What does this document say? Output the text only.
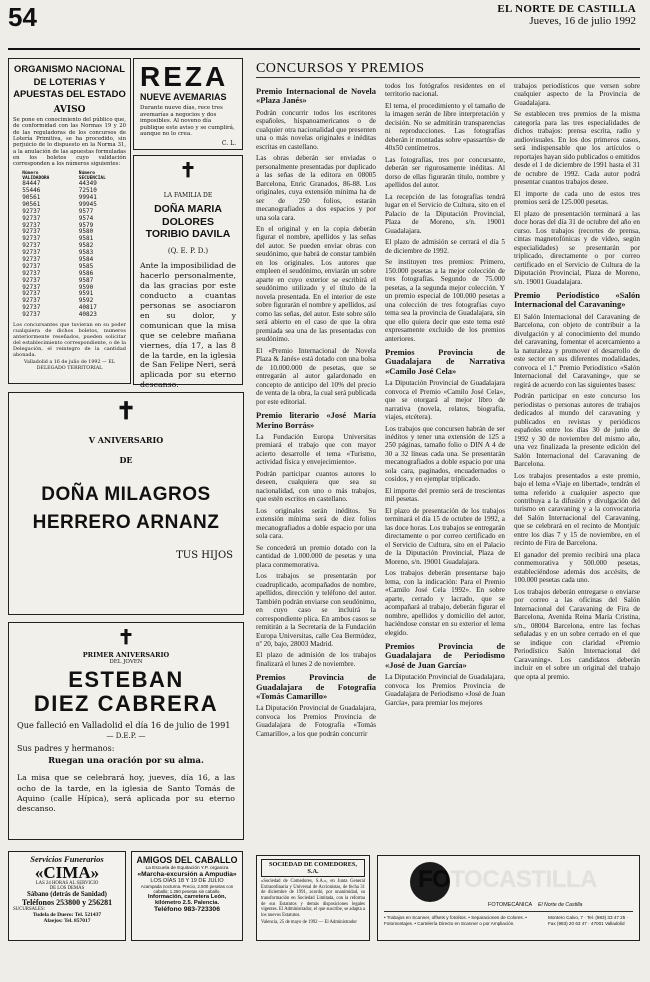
54	EL NORTE DE CASTILLA
Jueves, 16 de julio 1992
ORGANISMO NACIONAL
DE LOTERIAS Y
APUESTAS DEL ESTADO
AVISO
Se pone en conocimiento del público que, de conformidad con las Normas 19 y 20 de las reguladoras de los concursos de Lotería Primitiva, se ha procedido, sin perjuicio de lo dispuesto en la Norma 31, a la anulación de las apuestas formuladas en los boletos cuyo validación corresponden a los números siguientes:
Número VALIDADORA
84447
55446
90561
90561
92737
92737
92737
92737
92737
92737
92737
92737
92737
92737
92737
92737
92737
92737
92737
92737
Número SECUENCIAL
44349
72510
99941
99945
9577
9574
9579
9580
9581
9582
9583
9584
9585
9586
9587
9590
9591
9592
40817
40823
Los concursantes que tuvieran en su poder cualquiera de dichos boletos, numeros anteriormente reseñados, pueden solicitar del establecimiento correspondiente, o de la Delegación, el reintegro de la cantidad abonada.
Valladolid a 16 de julio de 1992 — EL DELEGADO TERRITORIAL
REZA
NUEVE AVEMARIAS
Durante nueve días, rece tres avemarías a negocios y dos imposibles. Al noveno día publique este aviso y se cumplirá, aunque no lo crea.
C. L.
✝
LA FAMILIA DE
DOÑA MARIA DOLORES
TORIBIO DAVILA
(Q. E. P. D.)
Ante la imposibilidad de hacerlo personalmente, da las gracias por este conducto a cuantas personas se asociaron en su dolor, y comunican que la misa que se celebre mañana viernes, día 17, a las 8 de la tarde, en la iglesia de San Felipe Neri, será aplicada por su eterno descanso.
✝
V ANIVERSARIO
DE
DOÑA MILAGROS
HERRERO ARNANZ
TUS HIJOS
✝
PRIMER ANIVERSARIO
DEL JOVEN
ESTEBAN
DIEZ CABRERA
Que falleció en Valladolid el día 16 de julio de 1991
— D.E.P. —
Sus padres y hermanos:
Ruegan una oración por su alma.
La misa que se celebrará hoy, jueves, día 16, a las ocho de la tarde, en la iglesia de Santo Tomás de Aquino (calle Hípica), será aplicada por su eterno descanso.
CONCURSOS Y PREMIOS
Premio Internacional de Novela «Plaza Janés»

Podrán concurrir todos los escritores españoles, hispanoamericanos o de cualquier otra nacionalidad que presenten una o más novelas originales e inéditas escritas en castellano.

Las obras deberán ser enviadas o personalmente presentadas por duplicado a las señas de la editora en 08005 Barcelona, Enric Granados, 86-88. Los originales, cuya extensión mínima ha de ser de 250 folios, estarán mecanografiados a dos espacios y por una sola cara.

En el original y en la copia deberán figurar el nombre, apellidos y las señas del autor. Se pueden enviar obras con seudónimo, que habrá de constar también en los originales. Los autores que empleen el seudónimo, enviarán un sobre aparte en cuyo exterior se escribirá el seudónimo utilizado y el título de la novela presentada. En el interior de este sobre figurarán el nombre y apellidos, así como las señas, del autor. Este sobre sólo será abierto en el caso de que la obra premiada sea una de las presentadas con seudónimo.

El «Premio Internacional de Novela Plaza & Janés» está dotado con una bolsa de 10.000.000 de pesetas, que se entregarán al autor galardonado en concepto de anticipo del 10% del precio de venta de la obra, la cual será publicada por este editorial.

Premio literario «José María Merino Borrás»

La Fundación Europa Universitas premiará el trabajo que con mayor acierto desarrolle el tema «Turismo, actividad física y envejecimiento».

Podrán participar cuantos autores lo deseen, cualquiera que sea su nacionalidad, con uno o más trabajos, que estén escritos en castellano.

Los originales serán inéditos. Su extensión mínima será de diez folios mecanografiados a doble espacio por una sola cara.

Se concederá un premio dotado con la cantidad de 1.000.000 de pesetas y una placa conmemorativa.

Los trabajos se presentarán por cuadruplicado, acompañados de nombre, apellidos, dirección y teléfono del autor. También podrán enviarse con seudónimo, en cuyo caso se incluirá la correspondiente plica. En ambos casos se remitirán a la Secretaría de la Fundación Europa Universitas, calle Cea Bermúdez, nº 20, bajo, 28003 Madrid.

El plazo de admisión de los trabajos finalizará el lunes 2 de noviembre.

Premios Provincia de Guadalajara de Fotografía «Tomás Camarillo»

La Diputación Provincial de Guadalajara, convoca los Premios Provincia de Guadalajara de Fotografía «Tomás Camarillo», a los que podrán concurrir

todos los fotógrafos residentes en el territorio nacional.

El tema, el procedimiento y el tamaño de la imagen serán de libre interpretación y decisión. No se admitirán transparencias ni reproducciones. Las fotografías deberán ir montadas sobre «passartús» de 40x50 centímetros.

Las fotografías, tres por concursante, deberán ser rigurosamente inéditas. Al dorso de ellas figurarán título, nombre y apellidos del autor.

La recepción de las fotografías tendrá lugar en el Servicio de Cultura, sito en el Palacio de la Diputación Provincial, Plaza de Moreno, s/n. 19001 Guadalajara.

El plazo de admisión se cerrará el día 5 de diciembre de 1992.

Se instituyen tres premios: Primero, 150.000 pesetas a la mejor colección de tres fotografías. Segundo de 75.000 pesetas, a la segunda mejor colección. Y un premio especial de 100.000 pesetas a una colección de tres fotografías cuyo tema sea la provincia de Guadalajara, sin que ello quiera decir que este tema esté expresamente excluido de los premios anteriores.

Premios Provincia de Guadalajara de Narrativa «Camilo José Cela»

La Diputación Provincial de Guadalajara convoca el Premio «Camilo José Cela», que se otorgará al mejor libro de narrativa (novela, relatos, biografía, viajes, etcétera).

Los trabajos que concursen habrán de ser inéditos y tener una extensión de 125 a 250 páginas, tamaño folio o DIN A 4 de 30 a 32 líneas cada una. Se presentarán mecanografiados a doble espacio por una sola cara, paginados, encuadernados o cosidos, y en ejemplar triplicado.

El importe del premio será de trescientas mil pesetas.

El plazo de presentación de los trabajos terminará el día 15 de octubre de 1992, a las doce horas. Los trabajos se entregarán directamente o por correo certificado en el Servicio de Cultura, sito en el Palacio de la Diputación Provincial, Plaza de Moreno, s/n. 19001 Guadalajara.

Los trabajos deberán presentarse bajo lema, con la indicación: Para el Premio «Camilo José Cela 1992». En sobre aparte, cerrado y lacrado, que se acompañará al trabajo, deberán figurar el nombre, apellidos y domicilio del autor, haciéndose constar en su exterior el lema elegido.

Premios Provincia de Guadalajara de Periodismo «José de Juan García»

La Diputación Provincial de Guadalajara, convoca los Premios Provincia de Guadalajara de Periodismo «José de Juan García», para premiar los mejores

trabajos periodísticos que versen sobre cualquier aspecto de la Provincia de Guadalajara.

Se establecen tres premios de la misma categoría para las tres especialidades de dichos trabajos: prensa escrita, radio y audiovisuales. En los dos primeros casos, será indispensable que los artículos o reportajes hayan sido publicados o emitidos desde el 1 de diciembre de 1991 hasta el 31 de octubre de 1992. Cada autor podrá presentar cuantos trabajos desee.

El importe de cada uno de estos tres premios será de 125.000 pesetas.

El plazo de presentación terminará a las doce horas del día 31 de octubre del año en curso. Los trabajos (recortes de prensa, cintas magnetofónicas y de vídeo, según especialidades) se presentarán por triplicado, directamente o por correo certificado en el Servicio de Cultura de la Diputación Provincial, Plaza de Moreno, s/n. 19001 Guadalajara.

Premio Periodístico «Salón Internacional del Caravaning»

El Salón Internacional del Caravaning de Barcelona, con objeto de contribuir a la divulgación y al conocimiento del mundo del caravaning, fomentar el acercamiento a la naturaleza y promover el desarrollo de este sector en sus diferentes modalidades, convoca el 1.º Premio Periodístico «Salón Internacional del Caravaning», que se regirá de acuerdo con las siguientes bases:

Podrán participar en este concurso los periodistas o personas autores de trabajos dedicados al mundo del caravaning y publicados en revistas y periódicos españoles entre los días 30 de junio de 1992 y 30 de noviembre del mismo año, una vez finalizada la presente edición del Salón Internacional del Caravaning de Barcelona.

Los trabajos presentados a este premio, bajo el lema «Viaje en libertad», tendrán el tema referido a cualquier aspecto que contribuya a la difusión y divulgación del turismo en caravaning y a la convocatoria del Salón Internacional del Caravaning, que se celebrará en el recinto de Montjuïc entre los días 7 y 15 de noviembre, en el recinto de Fira de Barcelona.

El ganador del premio recibirá una placa conmemorativa y 500.000 pesetas, estableciéndose además dos accésits, de 100.000 pesetas cada uno.

Los trabajos deberán entregarse o enviarse por correo a las oficinas del Salón Internacional del Caravaning de Fira de Barcelona, Avenida Reina María Cristina, s/n., 08004 Barcelona, entre las fechas señaladas y en un sobre cerrado en el que se indique con claridad «Premio Periodístico Salón Internacional del Caravaning». Los candidatos deberán incluir en el sobre un original del trabajo que opta al premio.

Servicios Funerarios
«CIMA»
LAS 24 HORAS AL SERVICIO
DE LOS DEMÁS
Sábano (detrás de Sanidad)
Teléfonos 253800 y 256281
SUCURSALES:
Tudela de Duero: Tel. 521437
Alaejos: Tel. 857017
AMIGOS DEL CABALLO
La Escuela de Equitación Y.P. organiza
«Marcha-excursión a Ampudia»
LOS DÍAS 18 Y 19 DE JULIO
Acampada nocturna. Precio, 2.500 pesetas con caballo; 1.250 pesetas sin caballo.
Información, carretera León,
kilómetro 2.5. Palencia.
Teléfono 983-723306
SOCIEDAD DE COMEDORES, S.A.
«Sociedad de Comedores, S.A.», en Junta General Extraordinaria y Universal de Accionistas, de fecha 31 de diciembre de 1991, acordó, por unanimidad, su transformación en Sociedad Limitada, con la reforma de sus Estatutos y demás disposiciones legales vigentes. El Administrador, el que suscribe, se adapta a los nuevos Estatutos.
Valencia, 25 de mayo de 1992 — El Administrador
FOTOCASTILLA
FOTOMECÁNICA El Norte de Castilla
• Trabajos en Scanner, offsets y fotolitos. • Separaciones de Colores. • Fotomontajes. • Cartelería Directo en Scanner o por Ampliación.
Montero Calvo, 7 · Tel. (983) 33 47 25 · Fax (983) 20 63 47 · 47001 Valladolid
